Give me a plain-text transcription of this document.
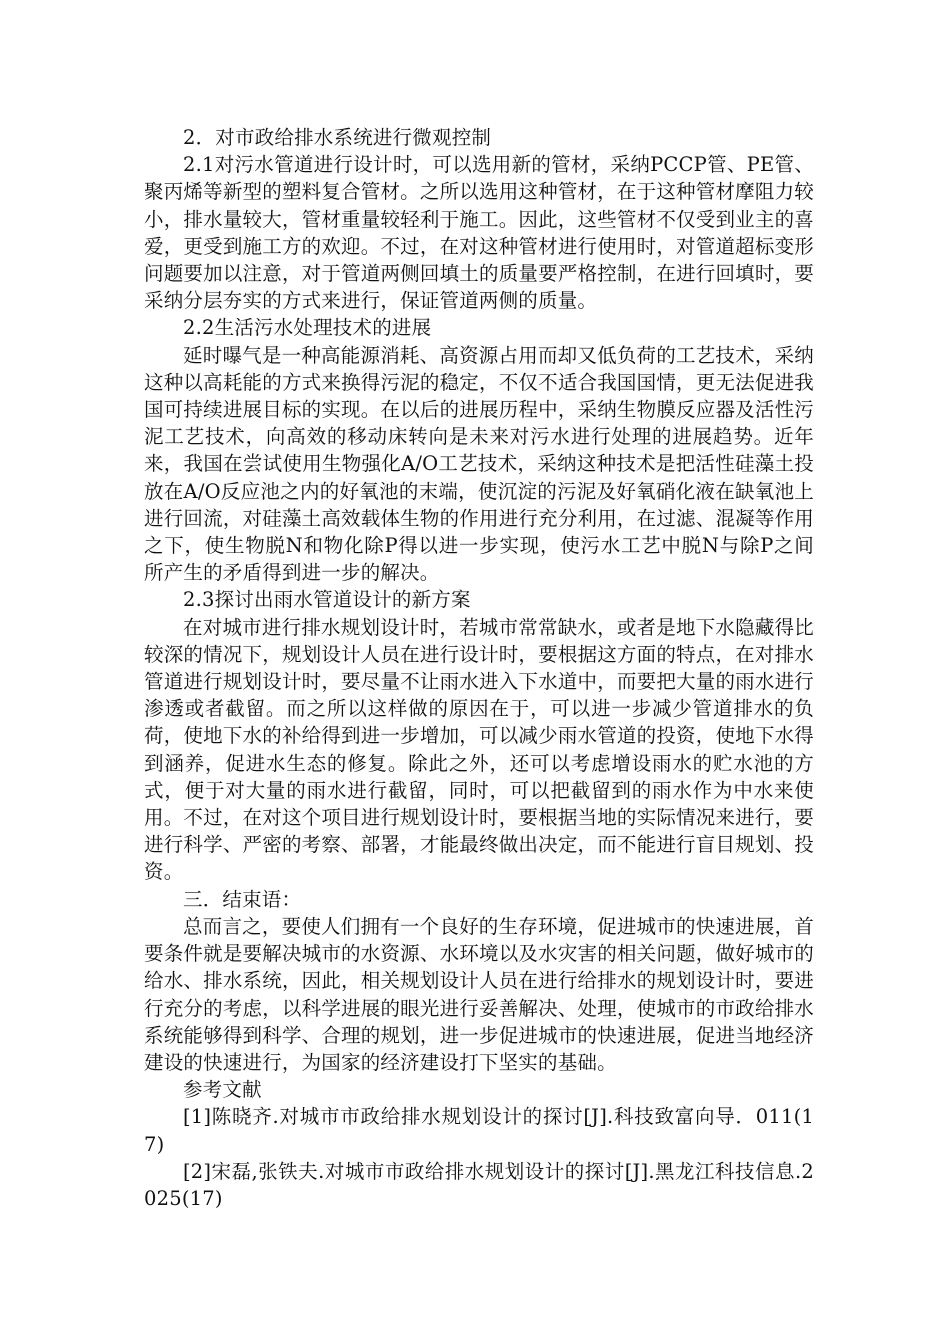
2．对市政给排水系统进行微观控制
2.1对污水管道进行设计时，可以选用新的管材，采纳PCCP管、PE管、聚丙烯等新型的塑料复合管材。之所以选用这种管材，在于这种管材摩阻力较小，排水量较大，管材重量较轻利于施工。因此，这些管材不仅受到业主的喜爱，更受到施工方的欢迎。不过，在对这种管材进行使用时，对管道超标变形问题要加以注意，对于管道两侧回填土的质量要严格控制，在进行回填时，要采纳分层夯实的方式来进行，保证管道两侧的质量。
2.2生活污水处理技术的进展
延时曝气是一种高能源消耗、高资源占用而却又低负荷的工艺技术，采纳这种以高耗能的方式来换得污泥的稳定，不仅不适合我国国情，更无法促进我国可持续进展目标的实现。在以后的进展历程中，采纳生物膜反应器及活性污泥工艺技术，向高效的移动床转向是未来对污水进行处理的进展趋势。近年来，我国在尝试使用生物强化A/O工艺技术，采纳这种技术是把活性硅藻土投放在A/O反应池之内的好氧池的末端，使沉淀的污泥及好氧硝化液在缺氧池上进行回流，对硅藻土高效载体生物的作用进行充分利用，在过滤、混凝等作用之下，使生物脱N和物化除P得以进一步实现，使污水工艺中脱N与除P之间所产生的矛盾得到进一步的解决。
2.3探讨出雨水管道设计的新方案
在对城市进行排水规划设计时，若城市常常缺水，或者是地下水隐藏得比较深的情况下，规划设计人员在进行设计时，要根据这方面的特点，在对排水管道进行规划设计时，要尽量不让雨水进入下水道中，而要把大量的雨水进行渗透或者截留。而之所以这样做的原因在于，可以进一步减少管道排水的负荷，使地下水的补给得到进一步增加，可以减少雨水管道的投资，使地下水得到涵养，促进水生态的修复。除此之外，还可以考虑增设雨水的贮水池的方式，便于对大量的雨水进行截留，同时，可以把截留到的雨水作为中水来使用。不过，在对这个项目进行规划设计时，要根据当地的实际情况来进行，要进行科学、严密的考察、部署，才能最终做出决定，而不能进行盲目规划、投资。
三．结束语：
总而言之，要使人们拥有一个良好的生存环境，促进城市的快速进展，首要条件就是要解决城市的水资源、水环境以及水灾害的相关问题，做好城市的给水、排水系统，因此，相关规划设计人员在进行给排水的规划设计时，要进行充分的考虑，以科学进展的眼光进行妥善解决、处理，使城市的市政给排水系统能够得到科学、合理的规划，进一步促进城市的快速进展，促进当地经济建设的快速进行，为国家的经济建设打下坚实的基础。
参考文献
[1]陈晓齐.对城市市政给排水规划设计的探讨[J].科技致富向导．011(17)
[2]宋磊,张铁夫.对城市市政给排水规划设计的探讨[J].黑龙江科技信息.2025(17)
